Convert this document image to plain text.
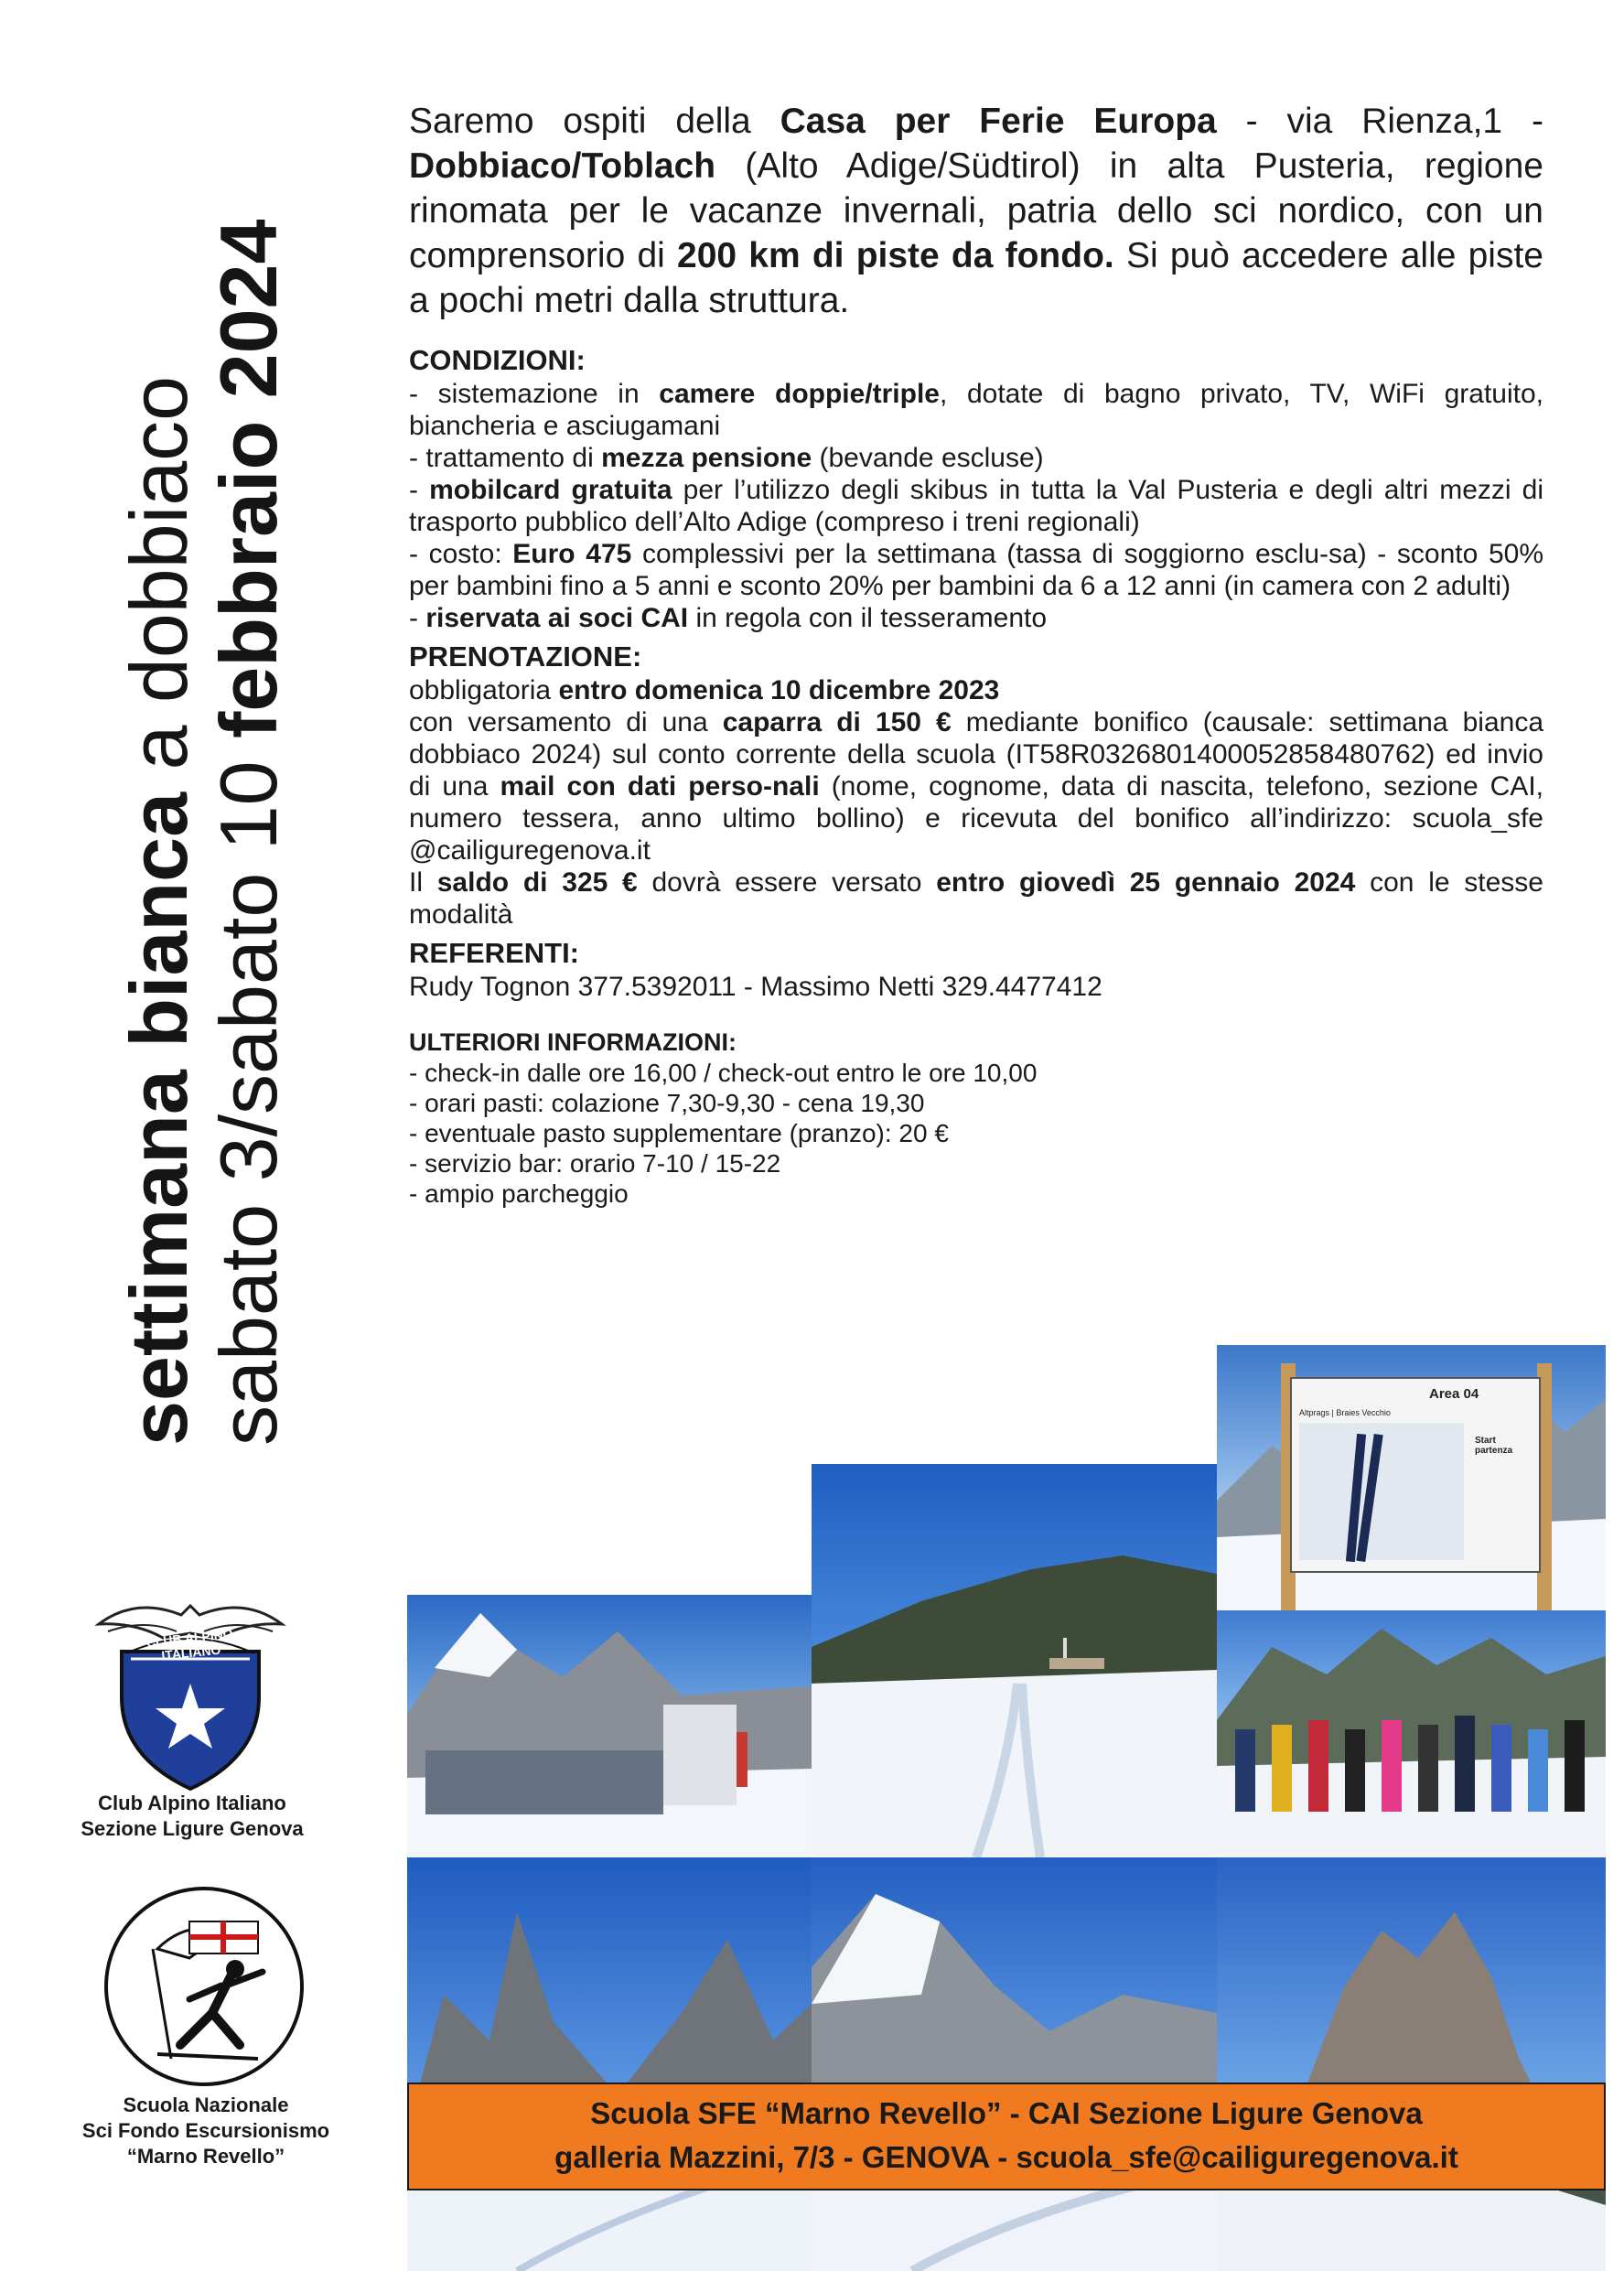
settimana bianca a dobbiaco
sabato 3/sabato 10 febbraio 2024

Saremo ospiti della Casa per Ferie Europa - via Rienza,1 - Dobbiaco/Toblach (Alto Adige/Südtirol) in alta Pusteria, regione rinomata per le vacanze invernali, patria dello sci nordico, con un comprensorio di 200 km di piste da fondo. Si può accedere alle piste a pochi metri dalla struttura.

CONDIZIONI:

- sistemazione in camere doppie/triple, dotate di bagno privato, TV, WiFi gratuito, biancheria e asciugamani

- trattamento di mezza pensione (bevande escluse)

- mobilcard gratuita per l’utilizzo degli skibus in tutta la Val Pusteria e degli altri mezzi di trasporto pubblico dell’Alto Adige (compreso i treni regionali)

- costo: Euro 475 complessivi per la settimana (tassa di soggiorno esclu-sa) - sconto 50% per bambini fino a 5 anni e sconto 20% per bambini da 6 a 12 anni (in camera con 2 adulti)

- riservata ai soci CAI in regola con il tesseramento

PRENOTAZIONE:

obbligatoria entro domenica 10 dicembre 2023

con versamento di una caparra di 150 € mediante bonifico (causale: settimana bianca dobbiaco 2024) sul conto corrente della scuola (IT58R0326801400052858480762) ed invio di una mail con dati perso-nali (nome, cognome, data di nascita, telefono, sezione CAI, numero tessera, anno ultimo bollino) e ricevuta del bonifico all’indirizzo: scuola_sfe @cailiguregenova.it

Il saldo di 325 € dovrà essere versato entro giovedì 25 gennaio 2024 con le stesse modalità

REFERENTI:

Rudy Tognon 377.5392011 - Massimo Netti 329.4477412

ULTERIORI INFORMAZIONI:

- check-in dalle ore 16,00 / check-out entro le ore 10,00

- orari pasti: colazione 7,30-9,30 - cena 19,30

- eventuale pasto supplementare (pranzo): 20 €

- servizio bar: orario 7-10 / 15-22

- ampio parcheggio

CLUB ALPINO ITALIANO
Club Alpino Italiano
Sezione Ligure Genova
Scuola Nazionale
Sci Fondo Escursionismo
“Marno Revello”
Area 04
Altprags | Braies Vecchio
Start
partenza
Scuola SFE “Marno Revello” - CAI Sezione Ligure Genova
galleria Mazzini, 7/3 - GENOVA - scuola_sfe@cailiguregenova.it
